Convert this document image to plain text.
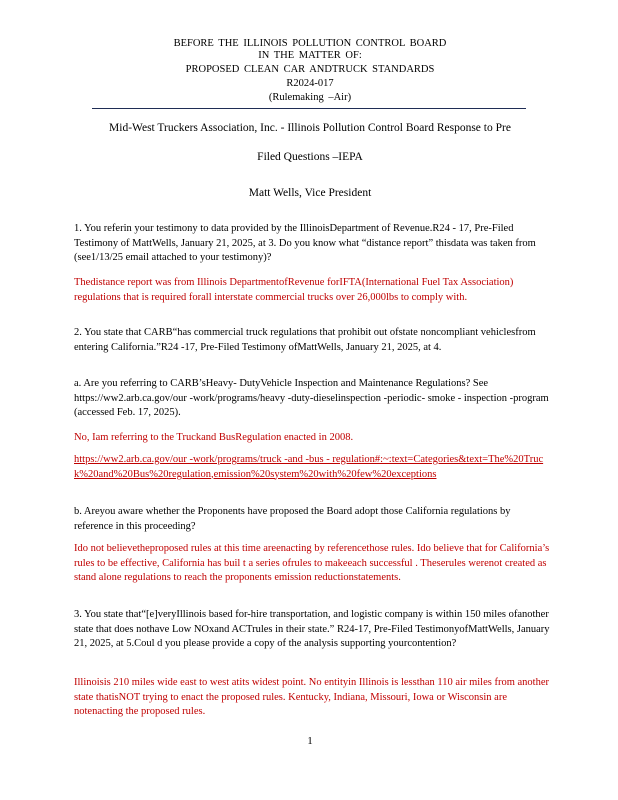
BEFORE THE ILLINOIS POLLUTION CONTROL BOARD
IN THE MATTER OF:
PROPOSED CLEAN CAR ANDTRUCK STANDARDS
R2024-017
(Rulemaking –Air)
Mid-West Truckers Association, Inc. - Illinois Pollution Control Board Response to Pre
Filed Questions –IEPA
Matt Wells, Vice President
1. You referin your testimony to data provided by the IllinoisDepartment of Revenue.R24 - 17, Pre-Filed Testimony of MattWells, January 21, 2025, at 3. Do you know what “distance report” thisdata was taken from (see1/13/25 email attached to your testimony)?
Thedistance report was from Illinois DepartmentofRevenue forIFTA(International Fuel Tax Association) regulations that is required forall interstate commercial trucks over 26,000lbs to comply with.
2. You state that CARB“has commercial truck regulations that prohibit out ofstate noncompliant vehiclesfrom entering California.”R24 -17, Pre-Filed Testimony ofMattWells, January 21, 2025, at 4.
a. Are you referring to CARB’sHeavy- DutyVehicle Inspection and Maintenance Regulations? See https://ww2.arb.ca.gov/our -work/programs/heavy -duty-dieselinspection -periodic- smoke - inspection -program (accessed Feb. 17, 2025).
No, Iam referring to the Truckand BusRegulation enacted in 2008.
https://ww2.arb.ca.gov/our -work/programs/truck -and -bus - regulation#:~:text=Categories&text=The%20Truck%20and%20Bus%20regulation,emission%20system%20with%20few%20exceptions
b. Areyou aware whether the Proponents have proposed the Board adopt those California regulations by reference in this proceeding?
Ido not believetheproposed rules at this time areenacting by referencethose rules. Ido believe that for California’s rules to be effective, California has buil t a series ofrules to makeeach successful . Theserules werenot created as stand alone regulations to reach the proponents emission reductionstatements.
3. You state that“[e]veryIllinois based for-hire transportation, and logistic company is within 150 miles ofanother state that does nothave Low NOxand ACTrules in their state.” R24-17, Pre-Filed TestimonyofMattWells, January 21, 2025, at 5.Coul d you please provide a copy of the analysis supporting yourcontention?
Illinoisis 210 miles wide east to west atits widest point. No entityin Illinois is lessthan 110 air miles from another state thatisNOT trying to enact the proposed rules. Kentucky, Indiana, Missouri, Iowa or Wisconsin are notenacting the proposed rules.
1
